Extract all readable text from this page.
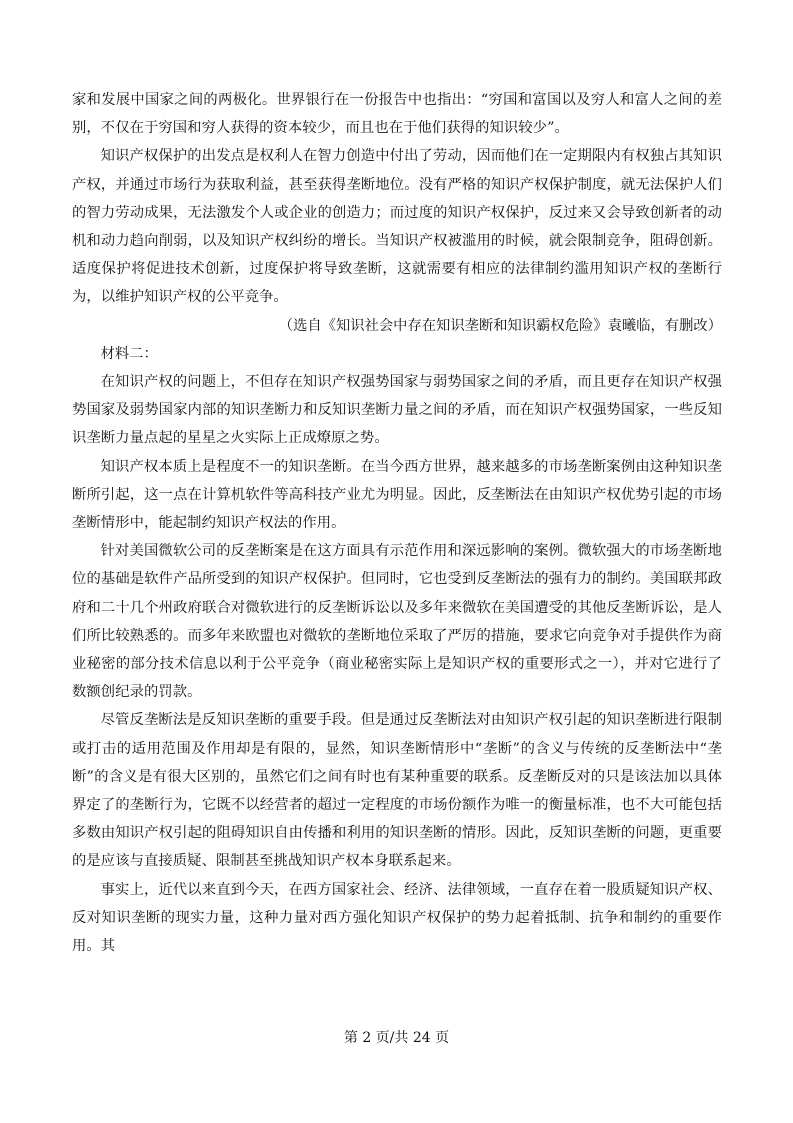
家和发展中国家之间的两极化。世界银行在一份报告中也指出：“穷国和富国以及穷人和富人之间的差别，不仅在于穷国和穷人获得的资本较少，而且也在于他们获得的知识较少”。

知识产权保护的出发点是权利人在智力创造中付出了劳动，因而他们在一定期限内有权独占其知识产权，并通过市场行为获取利益，甚至获得垄断地位。没有严格的知识产权保护制度，就无法保护人们的智力劳动成果，无法激发个人或企业的创造力；而过度的知识产权保护，反过来又会导致创新者的动机和动力趋向削弱，以及知识产权纠纷的增长。当知识产权被滥用的时候，就会限制竞争，阻碍创新。适度保护将促进技术创新，过度保护将导致垄断，这就需要有相应的法律制约滥用知识产权的垄断行为，以维护知识产权的公平竞争。

（选自《知识社会中存在知识垄断和知识霸权危险》袁曦临，有删改）

材料二：

在知识产权的问题上，不但存在知识产权强势国家与弱势国家之间的矛盾，而且更存在知识产权强势国家及弱势国家内部的知识垄断力和反知识垄断力量之间的矛盾，而在知识产权强势国家，一些反知识垄断力量点起的星星之火实际上正成燎原之势。

知识产权本质上是程度不一的知识垄断。在当今西方世界，越来越多的市场垄断案例由这种知识垄断所引起，这一点在计算机软件等高科技产业尤为明显。因此，反垄断法在由知识产权优势引起的市场垄断情形中，能起制约知识产权法的作用。

针对美国微软公司的反垄断案是在这方面具有示范作用和深远影响的案例。微软强大的市场垄断地位的基础是软件产品所受到的知识产权保护。但同时，它也受到反垄断法的强有力的制约。美国联邦政府和二十几个州政府联合对微软进行的反垄断诉讼以及多年来微软在美国遭受的其他反垄断诉讼，是人们所比较熟悉的。而多年来欧盟也对微软的垄断地位采取了严厉的措施，要求它向竞争对手提供作为商业秘密的部分技术信息以利于公平竞争（商业秘密实际上是知识产权的重要形式之一），并对它进行了数额创纪录的罚款。

尽管反垄断法是反知识垄断的重要手段。但是通过反垄断法对由知识产权引起的知识垄断进行限制或打击的适用范围及作用却是有限的，显然，知识垄断情形中“垄断”的含义与传统的反垄断法中“垄断”的含义是有很大区别的，虽然它们之间有时也有某种重要的联系。反垄断反对的只是该法加以具体界定了的垄断行为，它既不以经营者的超过一定程度的市场份额作为唯一的衡量标准，也不大可能包括多数由知识产权引起的阻碍知识自由传播和利用的知识垄断的情形。因此，反知识垄断的问题，更重要的是应该与直接质疑、限制甚至挑战知识产权本身联系起来。

事实上，近代以来直到今天，在西方国家社会、经济、法律领域，一直存在着一股质疑知识产权、反对知识垄断的现实力量，这种力量对西方强化知识产权保护的势力起着抵制、抗争和制约的重要作用。其

第 2 页/共 24 页
